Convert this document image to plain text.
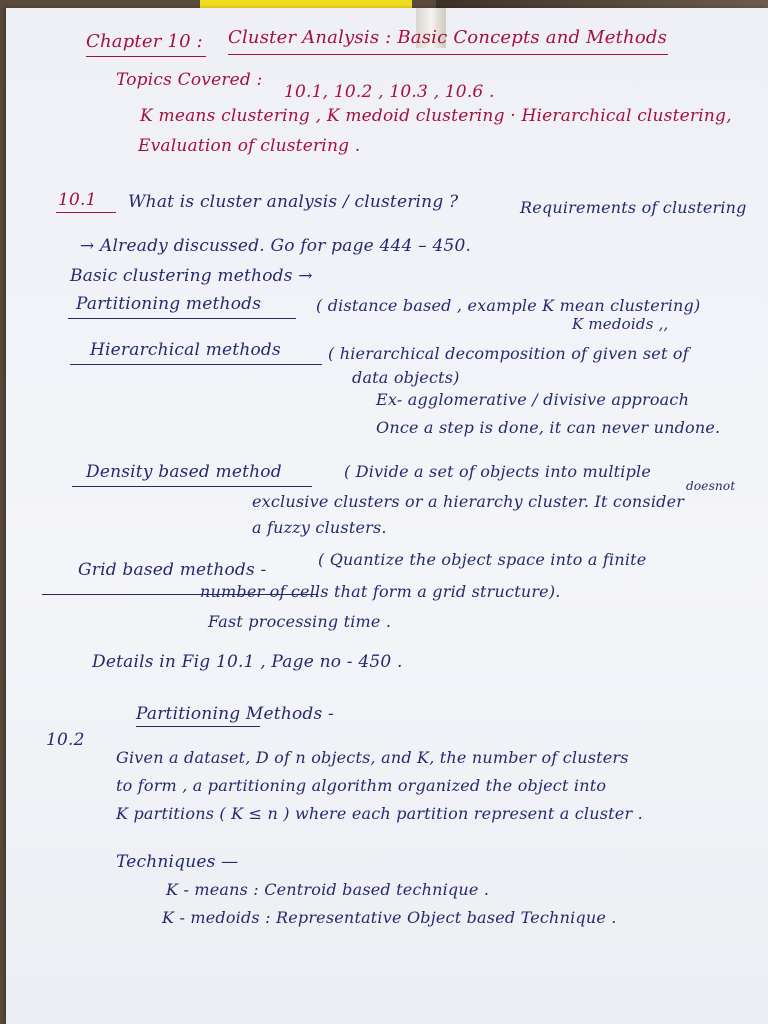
Chapter 10 : Cluster Analysis : Basic Concepts and Methods
Topics Covered :
10.1, 10.2 , 10.3 , 10.6 .
K means clustering , K medoid clustering · Hierarchical clustering,
Evaluation of clustering .
10.1 What is cluster analysis / clustering ?	Requirements of clustering
→ Already discussed. Go for page 444 – 450.
Basic clustering methods →
Partitioning methods	( distance based , example K mean clustering)
K medoids ,,
Hierarchical methods	( hierarchical decomposition of given set of
data objects)
Ex- agglomerative / divisive approach
Once a step is done, it can never undone.
Density based method	( Divide a set of objects into multiple
doesnot
exclusive clusters or a hierarchy cluster. It consider
a fuzzy clusters.
Grid based methods -
( Quantize the object space into a finite
number of cells that form a grid structure).
Fast processing time .
Details in Fig 10.1 , Page no - 450 .
10.2
Partitioning Methods -
Given a dataset, D of n objects, and K, the number of clusters
to form , a partitioning algorithm organized the object into
K partitions ( K ≤ n ) where each partition represent a cluster .
Techniques —
K - means : Centroid based technique .
K - medoids : Representative Object based Technique .
